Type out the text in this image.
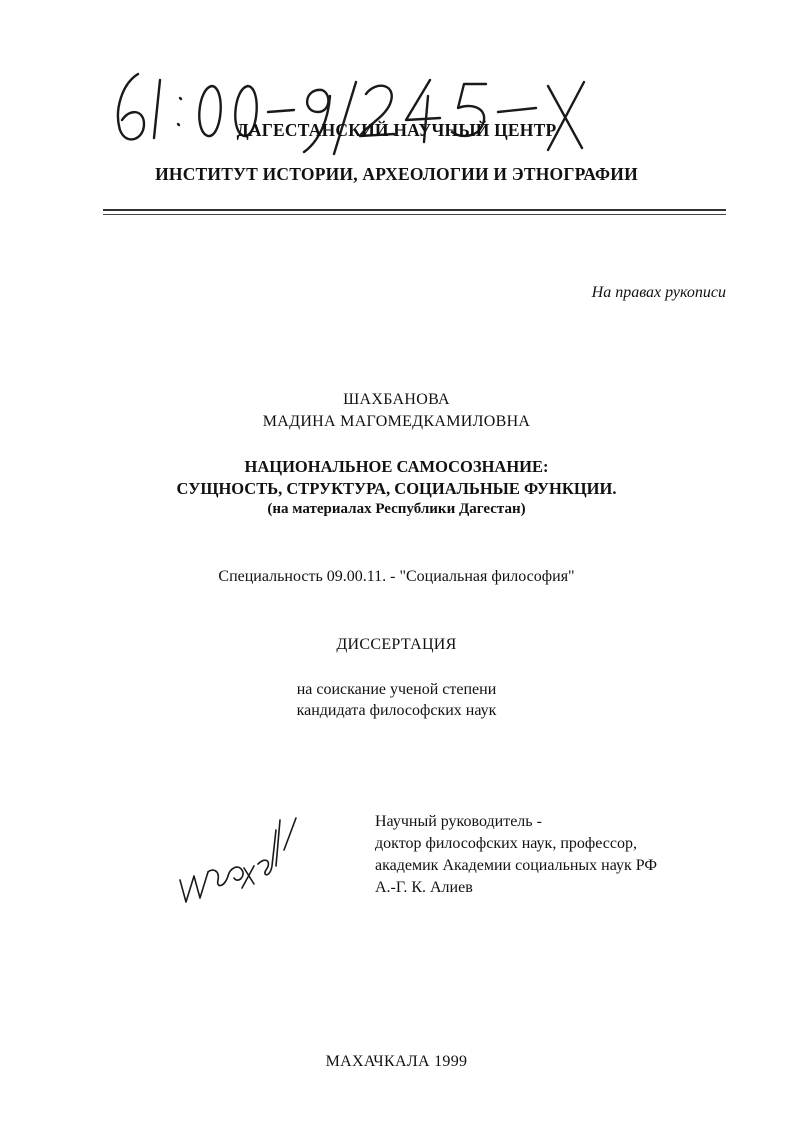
ДАГЕСТАНСКИЙ НАУЧНЫЙ ЦЕНТР
ИНСТИТУТ ИСТОРИИ, АРХЕОЛОГИИ И ЭТНОГРАФИИ
На правах рукописи
ШАХБАНОВА
МАДИНА МАГОМЕДКАМИЛОВНА
НАЦИОНАЛЬНОЕ САМОСОЗНАНИЕ:
СУЩНОСТЬ, СТРУКТУРА, СОЦИАЛЬНЫЕ ФУНКЦИИ.
(на материалах Республики Дагестан)
Специальность 09.00.11. - "Социальная философия"
ДИССЕРТАЦИЯ
на соискание ученой степени
кандидата философских наук
Научный руководитель -
доктор философских наук, профессор,
академик Академии социальных наук РФ
А.-Г. К. Алиев
МАХАЧКАЛА 1999
